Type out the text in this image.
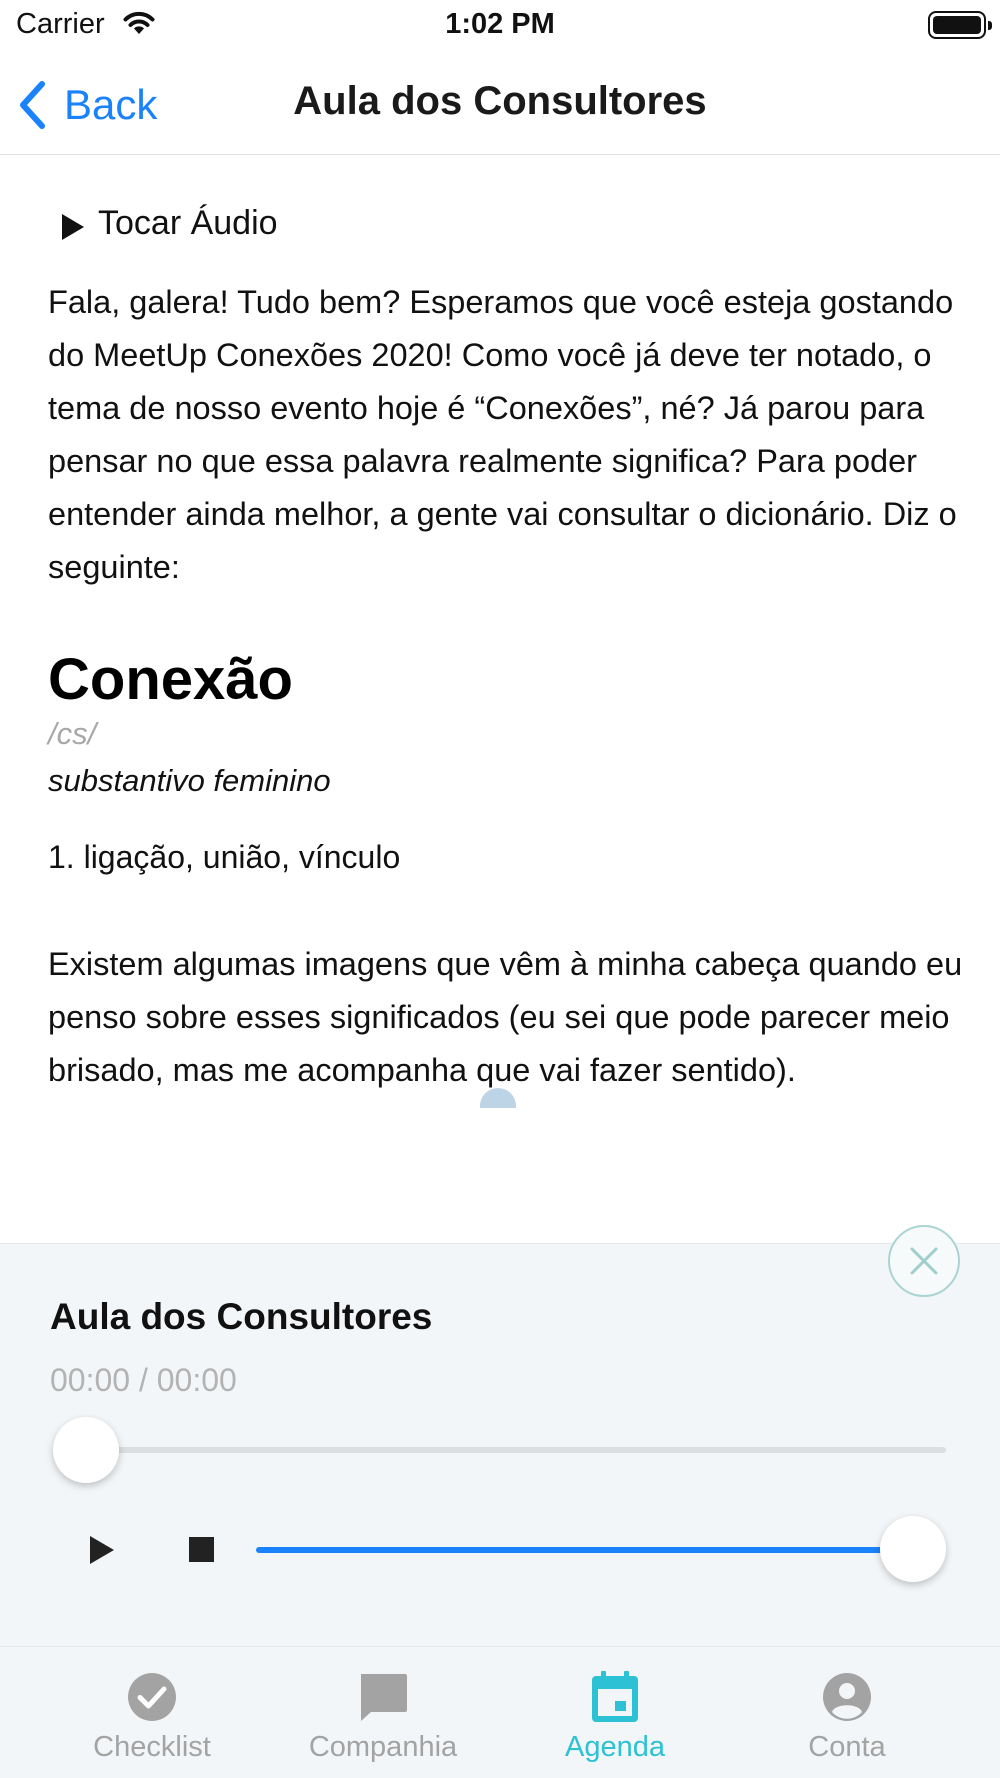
Carrier	1:02 PM
Back	Aula dos Consultores
Tocar Áudio

Fala, galera! Tudo bem? Esperamos que você esteja gostando do MeetUp Conexões 2020! Como você já deve ter notado, o tema de nosso evento hoje é “Conexões”, né? Já parou para pensar no que essa palavra realmente significa? Para poder entender ainda melhor, a gente vai consultar o dicionário. Diz o seguinte:

Conexão
/cs/
substantivo feminino
1. ligação, união, vínculo

Existem algumas imagens que vêm à minha cabeça quando eu penso sobre esses significados (eu sei que pode parecer meio brisado, mas me acompanha que vai fazer sentido).

Aula dos Consultores
00:00 / 00:00
Checklist	Companhia	Agenda	Conta
